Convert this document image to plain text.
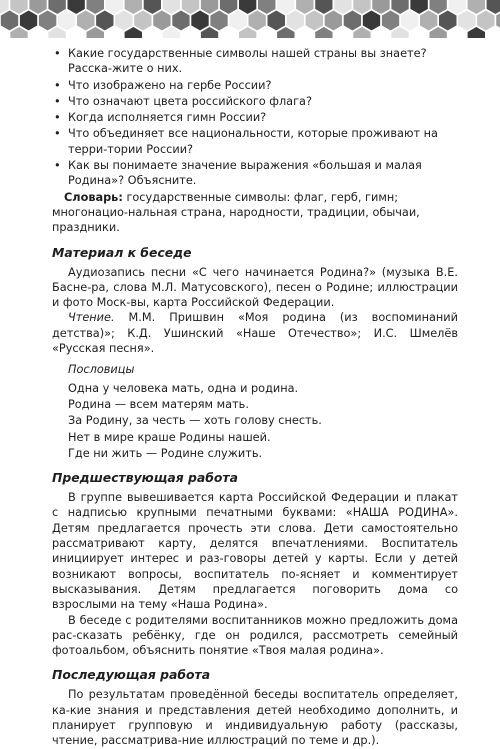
• Какие государственные символы нашей страны вы знаете? Расска-жите о них.
• Что изображено на гербе России?
• Что означают цвета российского флага?
• Когда исполняется гимн России?
• Что объединяет все национальности, которые проживают на терри-тории России?
• Как вы понимаете значение выражения «большая и малая Родина»? Объясните.

Словарь: государственные символы: флаг, герб, гимн; многонацио-нальная страна, народности, традиции, обычаи, праздники.

Материал к беседе

Аудиозапись песни «С чего начинается Родина?» (музыка В.Е. Басне-ра, слова М.Л. Матусовского), песен о Родине; иллюстрации и фото Моск-вы, карта Российской Федерации.

Чтение. М.М. Пришвин «Моя родина (из воспоминаний детства)»; К.Д. Ушинский «Наше Отечество»; И.С. Шмелёв «Русская песня».

Пословицы

Одна у человека мать, одна и родина.
Родина — всем матерям мать.
За Родину, за честь — хоть голову снесть.
Нет в мире краше Родины нашей.
Где ни жить — Родине служить.
Предшествующая работа

В группе вывешивается карта Российской Федерации и плакат с надписью крупными печатными буквами: «НАША РОДИНА». Детям предлагается прочесть эти слова. Дети самостоятельно рассматривают карту, делятся впечатлениями. Воспитатель инициирует интерес и раз-говоры детей у карты. Если у детей возникают вопросы, воспитатель по-ясняет и комментирует высказывания. Детям предлагается поговорить дома со взрослыми на тему «Наша Родина».

В беседе с родителями воспитанников можно предложить дома рас-сказать ребёнку, где он родился, рассмотреть семейный фотоальбом, объяснить понятие «Твоя малая родина».

Последующая работа

По результатам проведённой беседы воспитатель определяет, ка-кие знания и представления детей необходимо дополнить, и планирует групповую и индивидуальную работу (рассказы, чтение, рассматрива-ние иллюстраций по теме и др.).
